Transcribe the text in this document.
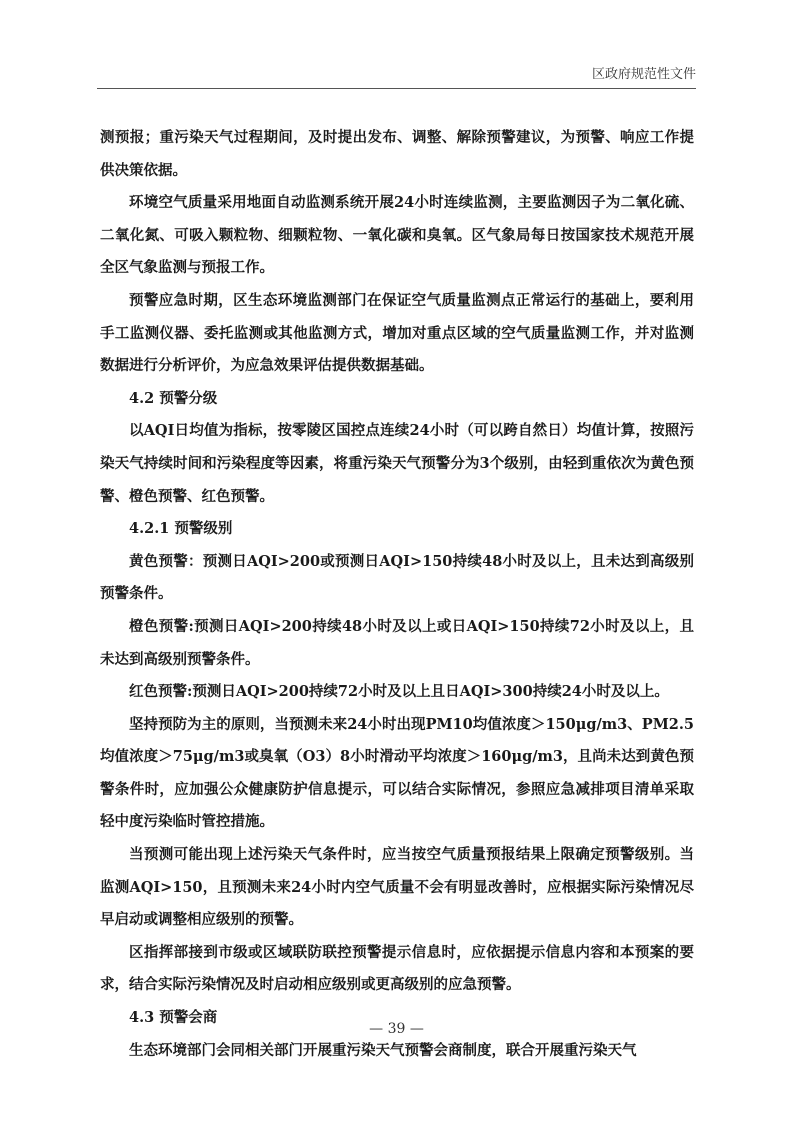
区政府规范性文件

测预报；重污染天气过程期间，及时提出发布、调整、解除预警建议，为预警、响应工作提供决策依据。

环境空气质量采用地面自动监测系统开展24小时连续监测，主要监测因子为二氧化硫、二氧化氮、可吸入颗粒物、细颗粒物、一氧化碳和臭氧。区气象局每日按国家技术规范开展全区气象监测与预报工作。

预警应急时期，区生态环境监测部门在保证空气质量监测点正常运行的基础上，要利用手工监测仪器、委托监测或其他监测方式，增加对重点区域的空气质量监测工作，并对监测数据进行分析评价，为应急效果评估提供数据基础。

4.2 预警分级

以AQI日均值为指标，按零陵区国控点连续24小时（可以跨自然日）均值计算，按照污染天气持续时间和污染程度等因素，将重污染天气预警分为3个级别，由轻到重依次为黄色预警、橙色预警、红色预警。

4.2.1 预警级别

黄色预警：预测日AQI>200或预测日AQI>150持续48小时及以上，且未达到高级别预警条件。

橙色预警:预测日AQI>200持续48小时及以上或日AQI>150持续72小时及以上，且未达到高级别预警条件。

红色预警:预测日AQI>200持续72小时及以上且日AQI>300持续24小时及以上。

坚持预防为主的原则，当预测未来24小时出现PM10均值浓度＞150μg/m3、PM2.5均值浓度＞75μg/m3或臭氧（O3）8小时滑动平均浓度＞160μg/m3，且尚未达到黄色预警条件时，应加强公众健康防护信息提示，可以结合实际情况，参照应急减排项目清单采取轻中度污染临时管控措施。

当预测可能出现上述污染天气条件时，应当按空气质量预报结果上限确定预警级别。当监测AQI>150，且预测未来24小时内空气质量不会有明显改善时，应根据实际污染情况尽早启动或调整相应级别的预警。

区指挥部接到市级或区域联防联控预警提示信息时，应依据提示信息内容和本预案的要求，结合实际污染情况及时启动相应级别或更高级别的应急预警。

4.3 预警会商

生态环境部门会同相关部门开展重污染天气预警会商制度，联合开展重污染天气

— 39 —
